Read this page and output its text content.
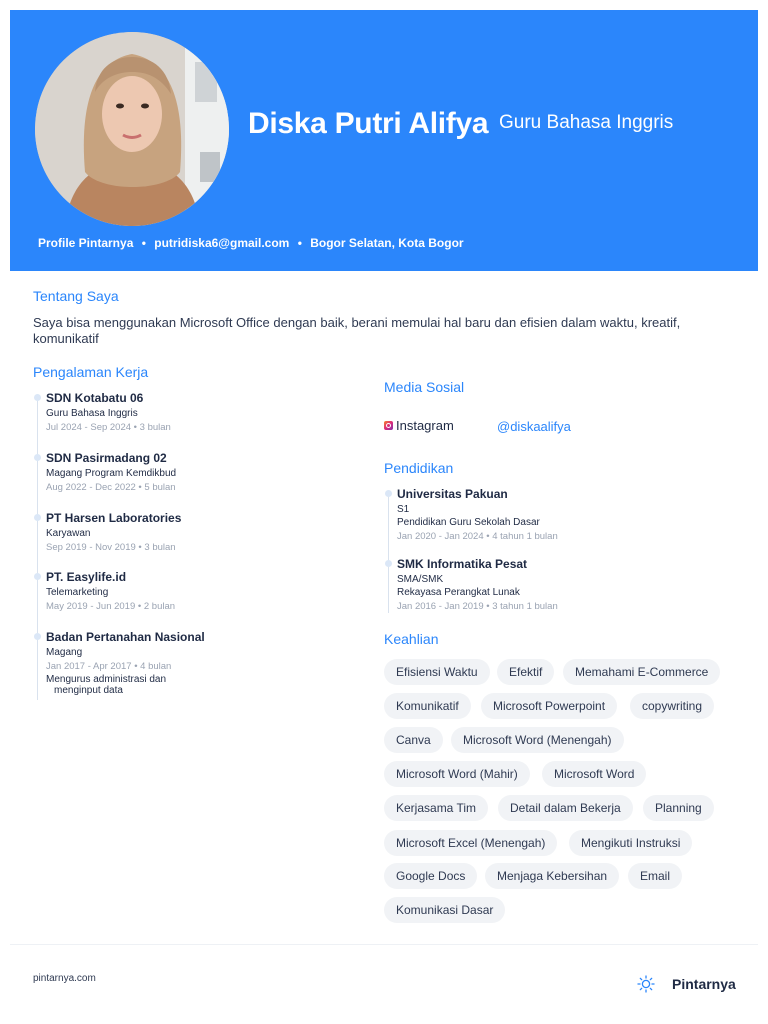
Diska Putri Alifya Guru Bahasa Inggris
Profile Pintarnya • putridiska6@gmail.com • Bogor Selatan, Kota Bogor
Tentang Saya
Saya bisa menggunakan Microsoft Office dengan baik, berani memulai hal baru dan efisien dalam waktu, kreatif, komunikatif
Pengalaman Kerja
SDN Kotabatu 06
Guru Bahasa Inggris
Jul 2024 - Sep 2024 • 3 bulan
SDN Pasirmadang 02
Magang Program Kemdikbud
Aug 2022 - Dec 2022 • 5 bulan
PT Harsen Laboratories
Karyawan
Sep 2019 - Nov 2019 • 3 bulan
PT. Easylife.id
Telemarketing
May 2019 - Jun 2019 • 2 bulan
Badan Pertanahan Nasional
Magang
Jan 2017 - Apr 2017 • 4 bulan
Mengurus administrasi dan
menginput data
Media Sosial
Instagram	@diskaalifya
Pendidikan
Universitas Pakuan
S1
Pendidikan Guru Sekolah Dasar
Jan 2020 - Jan 2024 • 4 tahun 1 bulan
SMK Informatika Pesat
SMA/SMK
Rekayasa Perangkat Lunak
Jan 2016 - Jan 2019 • 3 tahun 1 bulan
Keahlian
Efisiensi Waktu	Efektif	Memahami E-Commerce
Komunikatif	Microsoft Powerpoint	copywriting
Canva	Microsoft Word (Menengah)
Microsoft Word (Mahir)	Microsoft Word
Kerjasama Tim	Detail dalam Bekerja	Planning
Microsoft Excel (Menengah)	Mengikuti Instruksi
Google Docs	Menjaga Kebersihan	Email
Komunikasi Dasar
pintarnya.com	Pintarnya
